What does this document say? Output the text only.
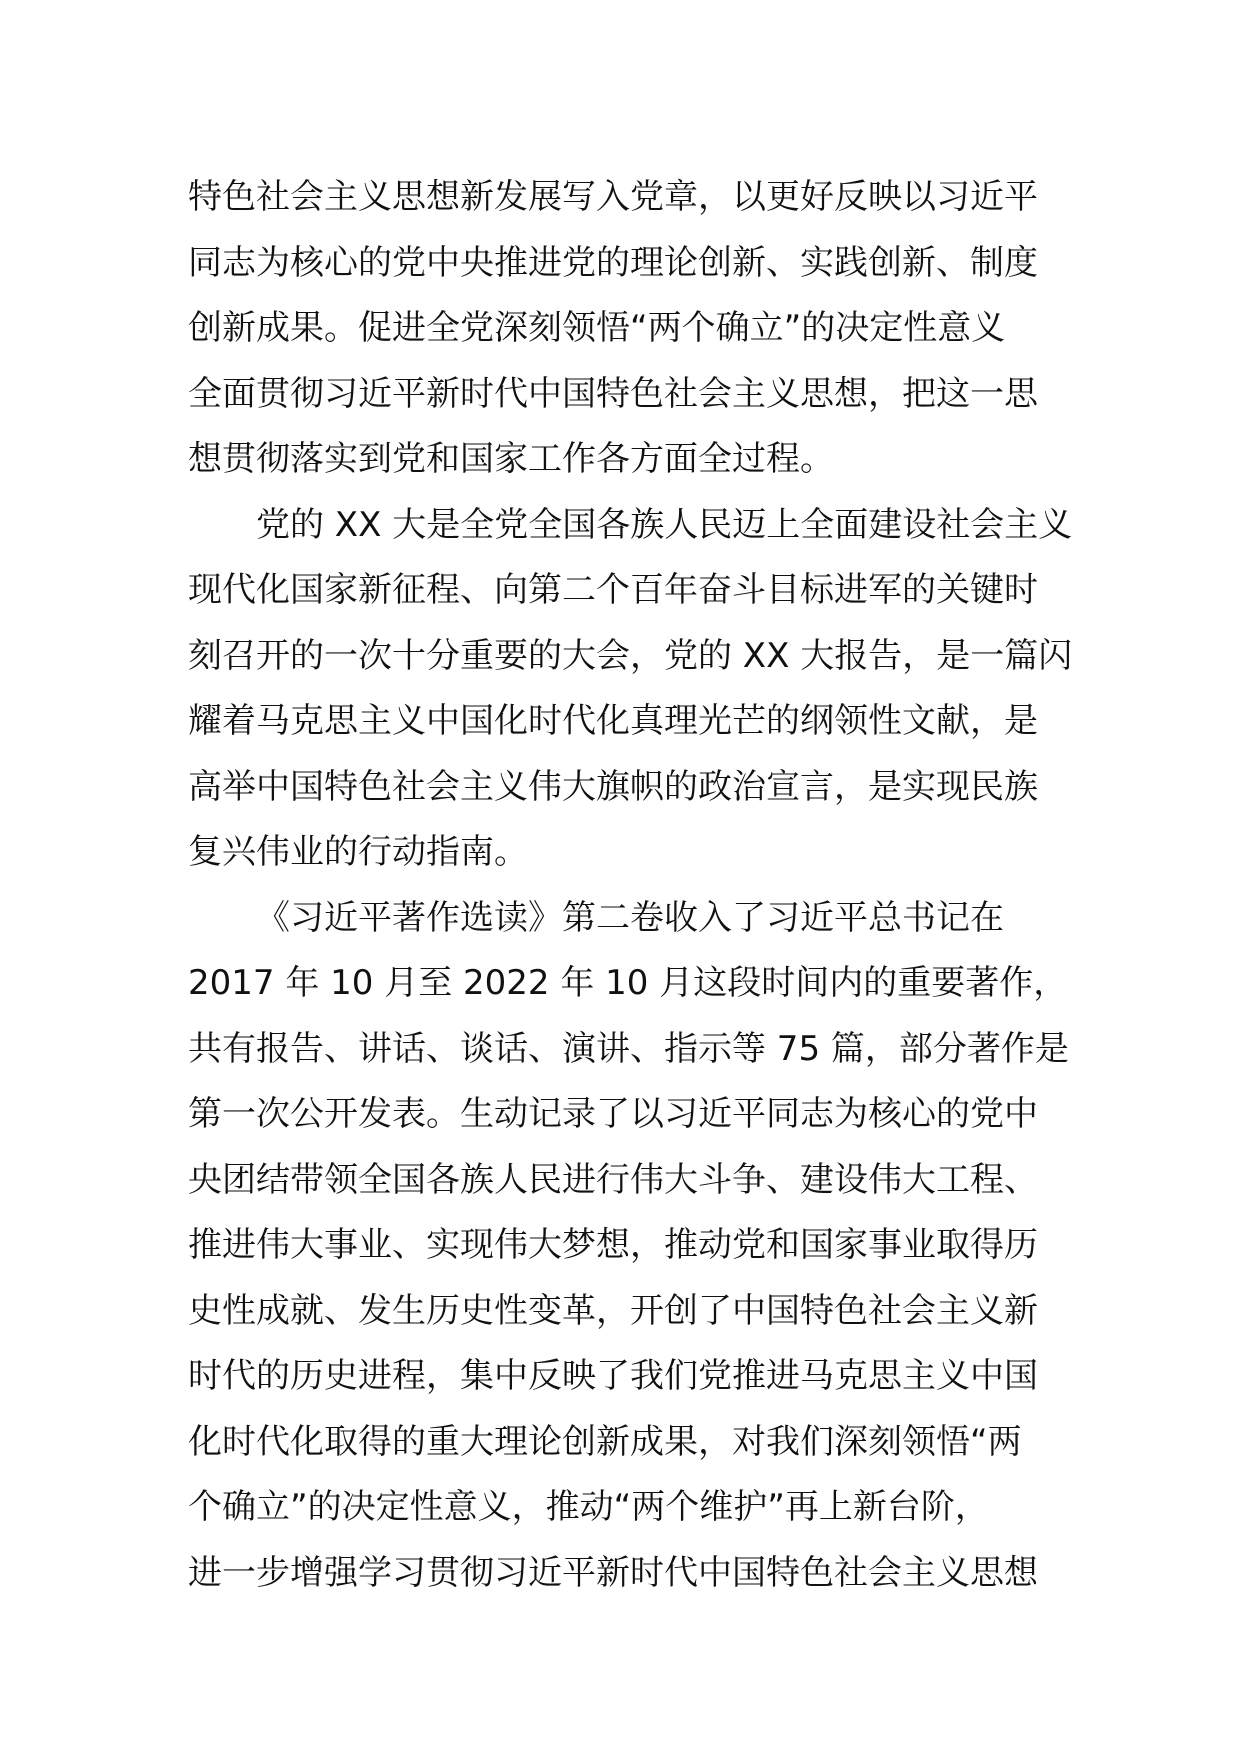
特色社会主义思想新发展写入党章，以更好反映以习近平
同志为核心的党中央推进党的理论创新、实践创新、制度
创新成果。促进全党深刻领悟“两个确立”的决定性意义
全面贯彻习近平新时代中国特色社会主义思想，把这一思
想贯彻落实到党和国家工作各方面全过程。
党的 XX 大是全党全国各族人民迈上全面建设社会主义
现代化国家新征程、向第二个百年奋斗目标进军的关键时
刻召开的一次十分重要的大会，党的 XX 大报告，是一篇闪
耀着马克思主义中国化时代化真理光芒的纲领性文献，是
高举中国特色社会主义伟大旗帜的政治宣言，是实现民族
复兴伟业的行动指南。
《习近平著作选读》第二卷收入了习近平总书记在
2017 年 10 月至 2022 年 10 月这段时间内的重要著作，
共有报告、讲话、谈话、演讲、指示等 75 篇，部分著作是
第一次公开发表。生动记录了以习近平同志为核心的党中
央团结带领全国各族人民进行伟大斗争、建设伟大工程、
推进伟大事业、实现伟大梦想，推动党和国家事业取得历
史性成就、发生历史性变革，开创了中国特色社会主义新
时代的历史进程，集中反映了我们党推进马克思主义中国
化时代化取得的重大理论创新成果，对我们深刻领悟“两
个确立”的决定性意义，推动“两个维护”再上新台阶，
进一步增强学习贯彻习近平新时代中国特色社会主义思想
